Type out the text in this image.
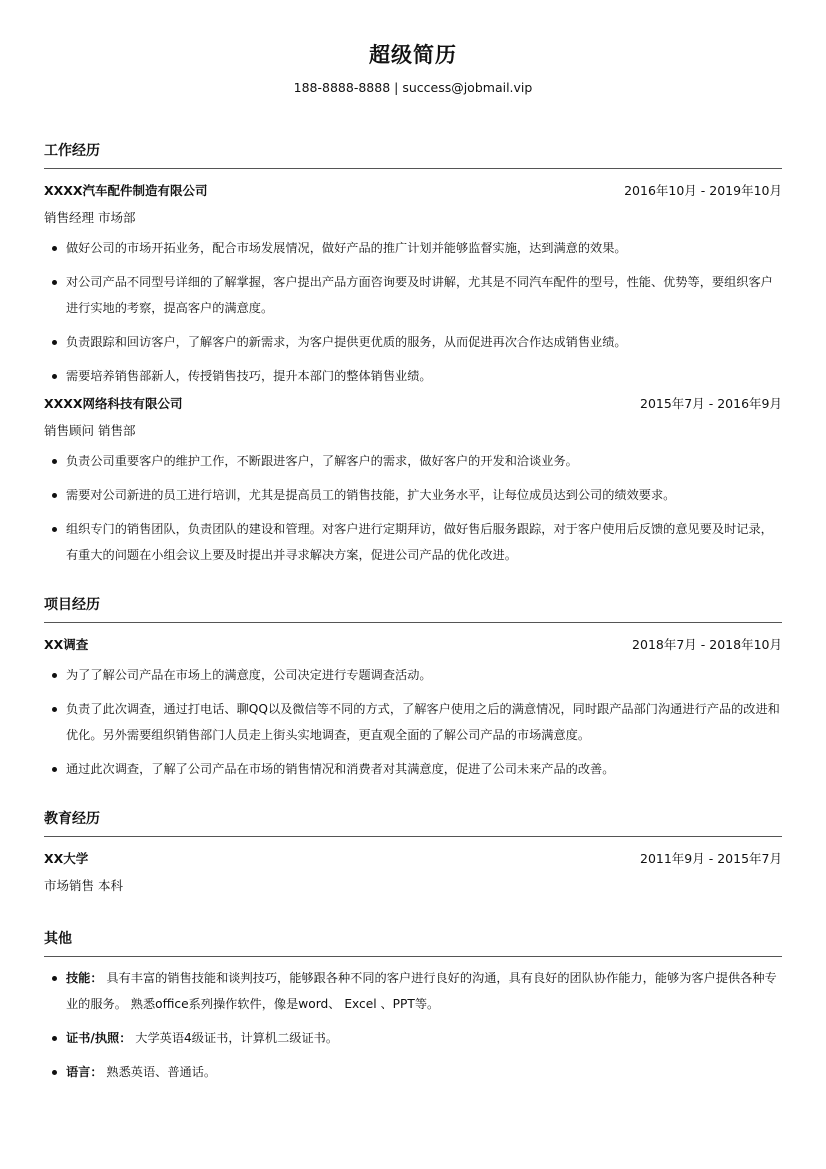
超级简历
188-8888-8888 | success@jobmail.vip
工作经历
XXXX汽车配件制造有限公司	2016年10月 - 2019年10月
销售经理 市场部
做好公司的市场开拓业务，配合市场发展情况，做好产品的推广计划并能够监督实施，达到满意的效果。
对公司产品不同型号详细的了解掌握，客户提出产品方面咨询要及时讲解，尤其是不同汽车配件的型号，性能、优势等，要组织客户进行实地的考察，提高客户的满意度。
负责跟踪和回访客户，了解客户的新需求，为客户提供更优质的服务，从而促进再次合作达成销售业绩。
需要培养销售部新人，传授销售技巧，提升本部门的整体销售业绩。
XXXX网络科技有限公司	2015年7月 - 2016年9月
销售顾问 销售部
负责公司重要客户的维护工作，不断跟进客户，了解客户的需求，做好客户的开发和洽谈业务。
需要对公司新进的员工进行培训，尤其是提高员工的销售技能，扩大业务水平，让每位成员达到公司的绩效要求。
组织专门的销售团队，负责团队的建设和管理。对客户进行定期拜访，做好售后服务跟踪，对于客户使用后反馈的意见要及时记录，有重大的问题在小组会议上要及时提出并寻求解决方案，促进公司产品的优化改进。
项目经历
XX调查	2018年7月 - 2018年10月
为了了解公司产品在市场上的满意度，公司决定进行专题调查活动。
负责了此次调查，通过打电话、聊QQ以及微信等不同的方式，了解客户使用之后的满意情况，同时跟产品部门沟通进行产品的改进和优化。另外需要组织销售部门人员走上街头实地调查，更直观全面的了解公司产品的市场满意度。
通过此次调查，了解了公司产品在市场的销售情况和消费者对其满意度，促进了公司未来产品的改善。
教育经历
XX大学	2011年9月 - 2015年7月
市场销售 本科
其他
技能： 具有丰富的销售技能和谈判技巧，能够跟各种不同的客户进行良好的沟通，具有良好的团队协作能力，能够为客户提供各种专业的服务。 熟悉office系列操作软件，像是word、 Excel 、PPT等。
证书/执照： 大学英语4级证书，计算机二级证书。
语言： 熟悉英语、普通话。
